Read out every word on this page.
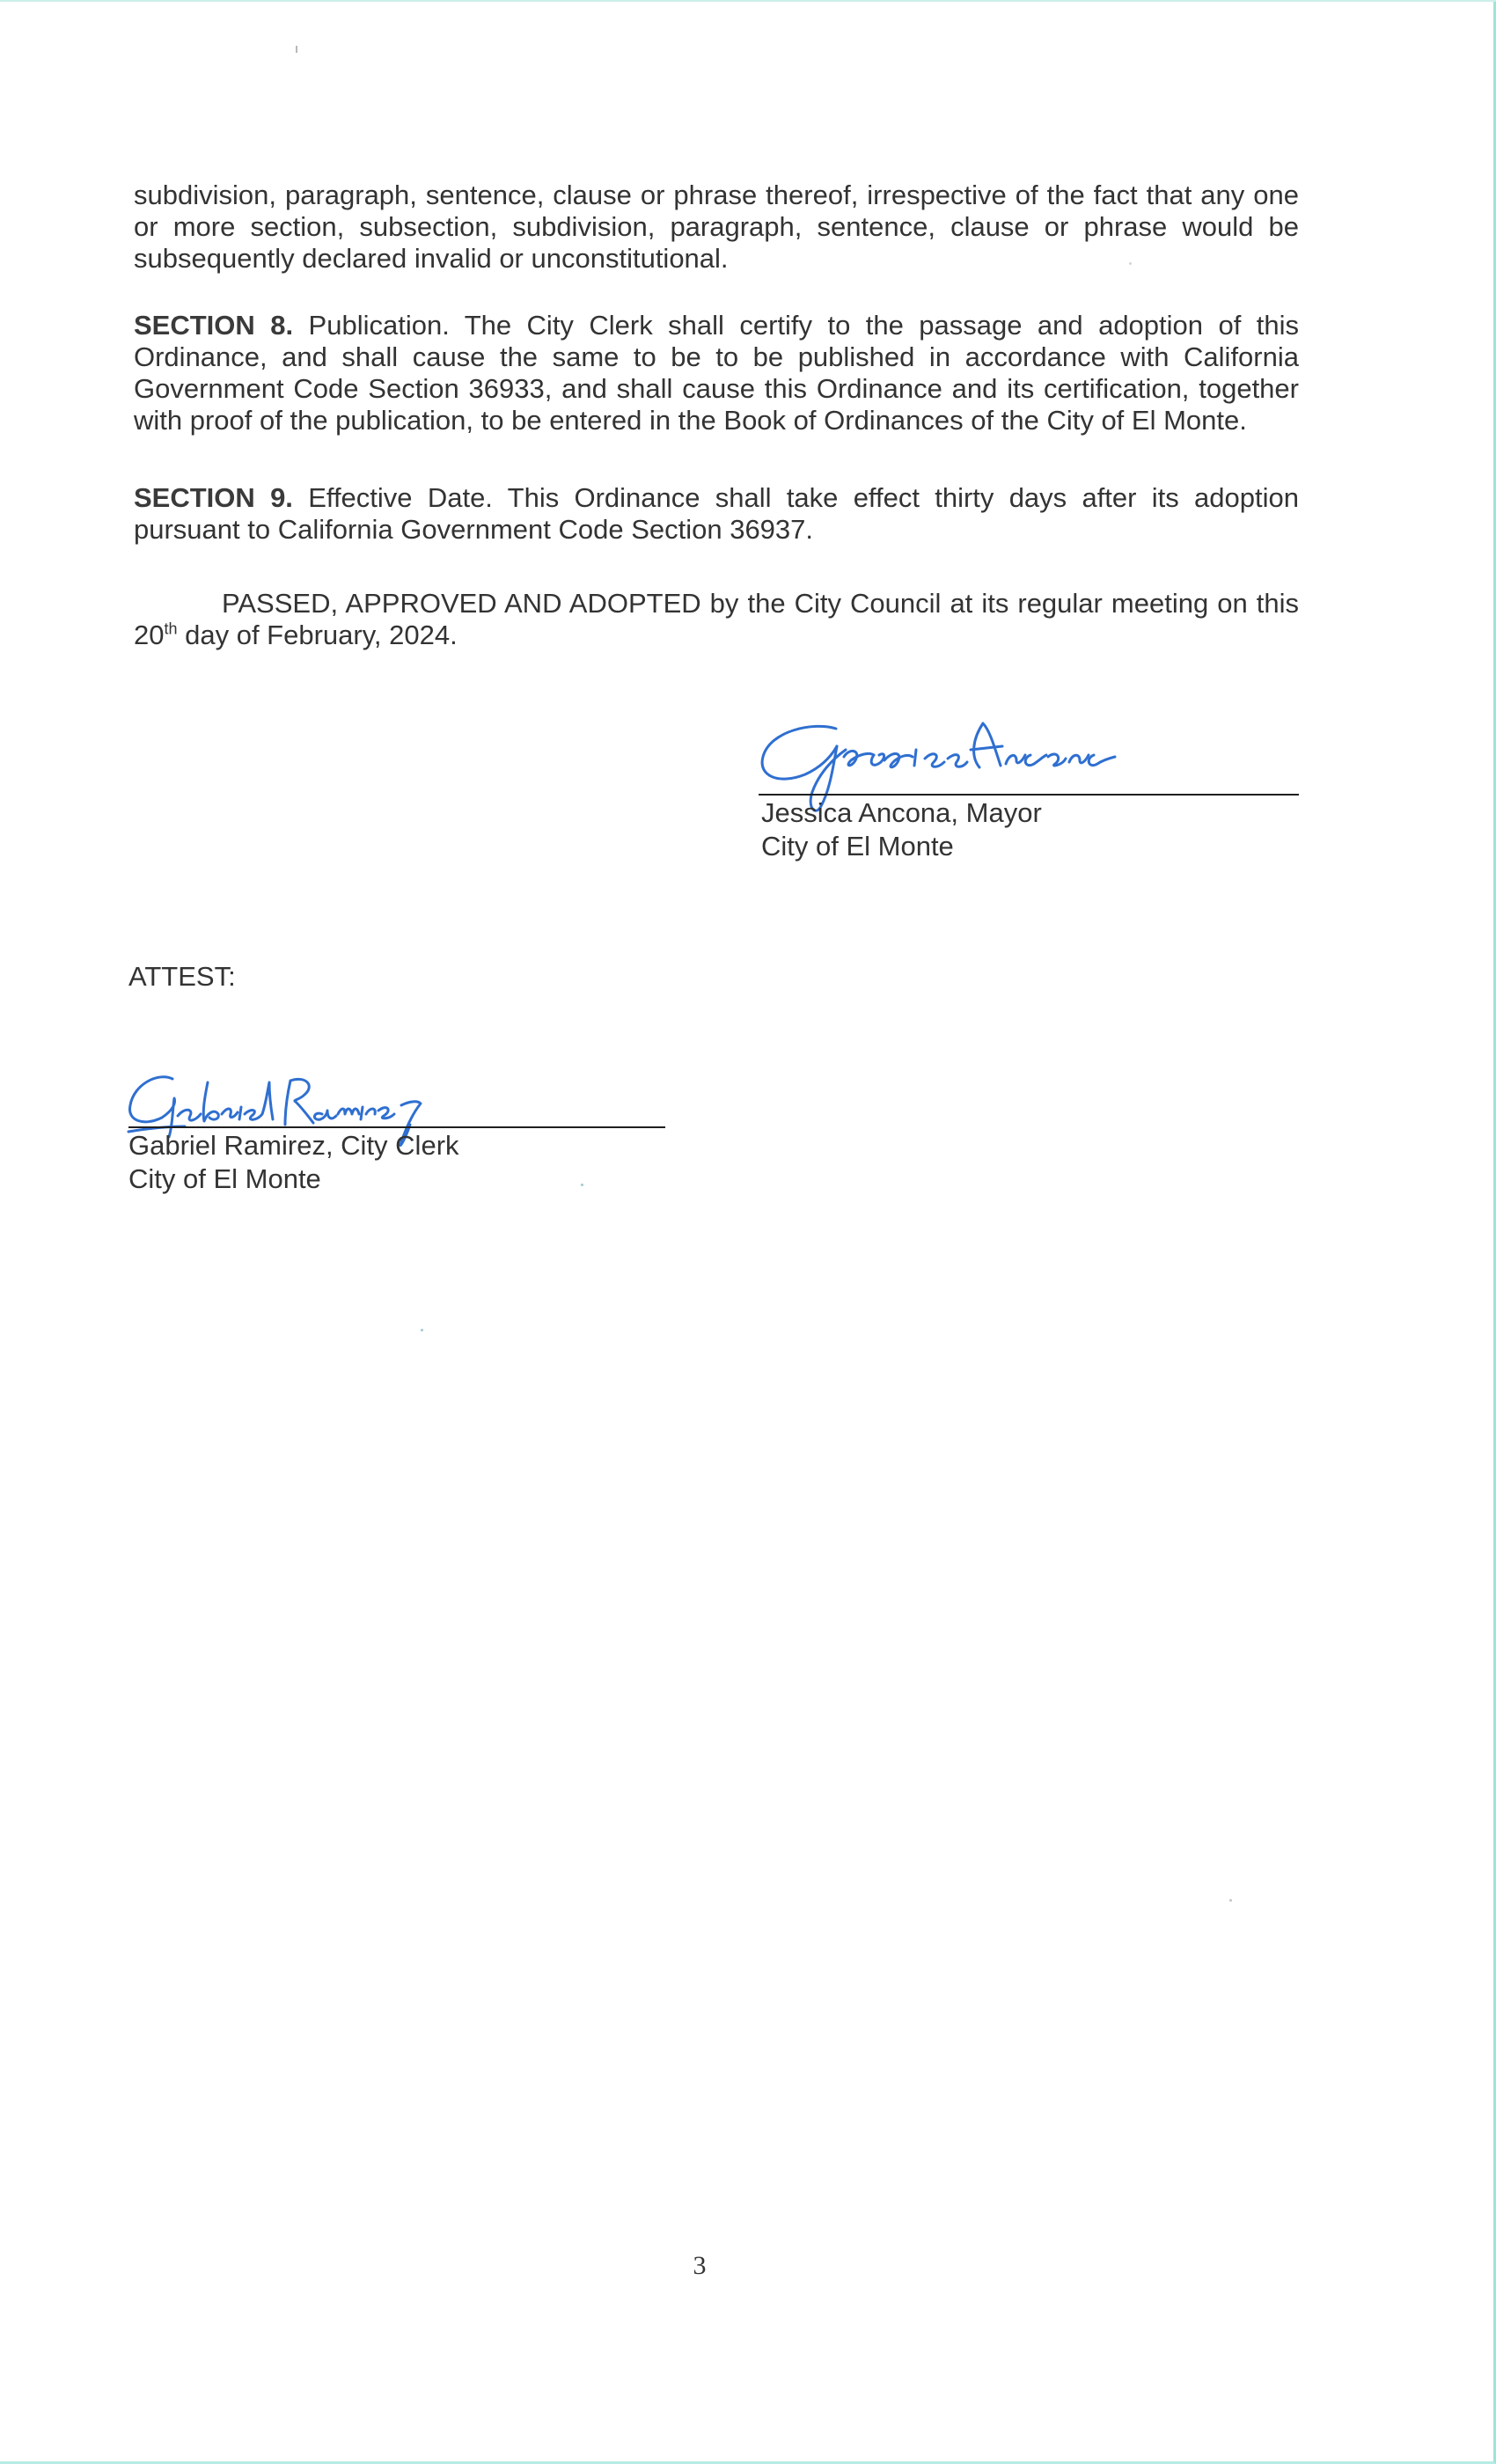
subdivision, paragraph, sentence, clause or phrase thereof, irrespective of the fact that any one or more section, subsection, subdivision, paragraph, sentence, clause or phrase would be subsequently declared invalid or unconstitutional.

SECTION 8. Publication. The City Clerk shall certify to the passage and adoption of this Ordinance, and shall cause the same to be to be published in accordance with California Government Code Section 36933, and shall cause this Ordinance and its certification, together with proof of the publication, to be entered in the Book of Ordinances of the City of El Monte.

SECTION 9. Effective Date. This Ordinance shall take effect thirty days after its adoption pursuant to California Government Code Section 36937.

PASSED, APPROVED AND ADOPTED by the City Council at its regular meeting on this 20th day of February, 2024.

Jessica Ancona, Mayor
City of El Monte
ATTEST:
Gabriel Ramirez, City Clerk
City of El Monte
3
